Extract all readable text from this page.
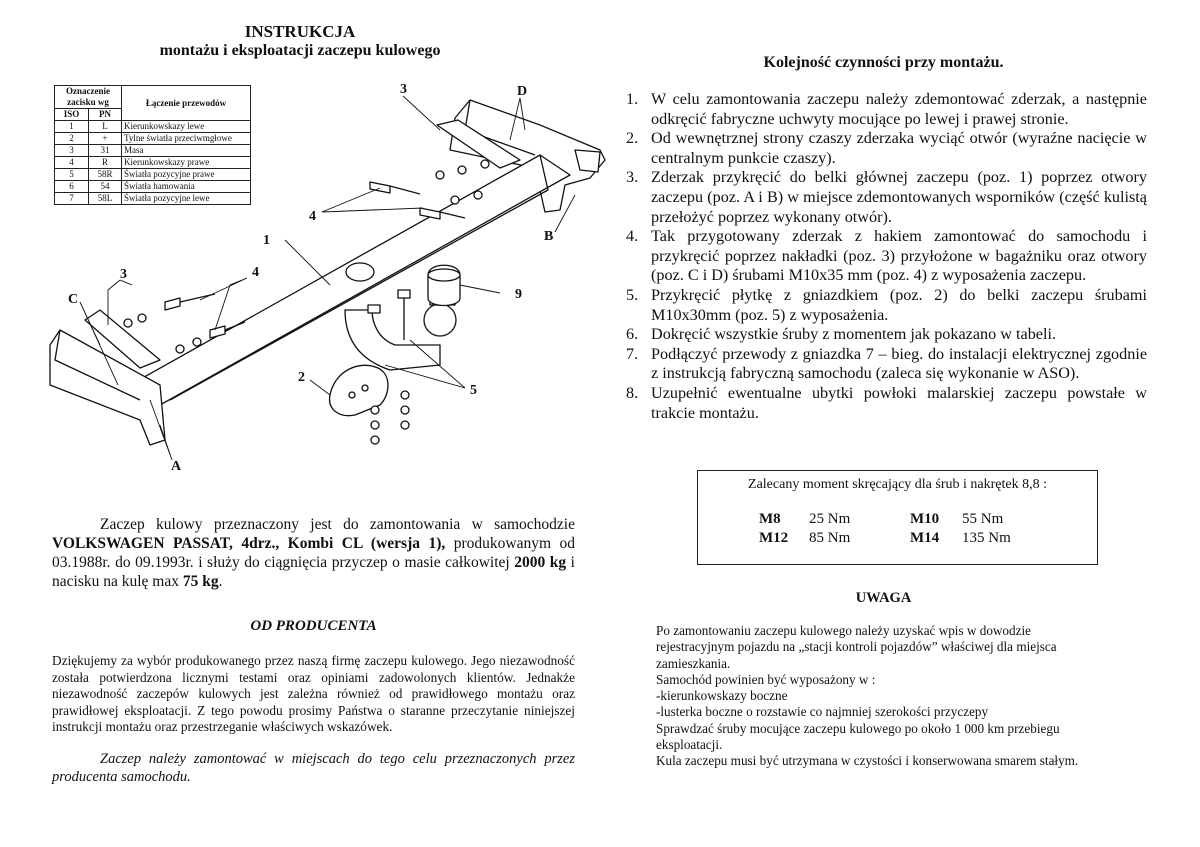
INSTRUKCJA
montażu i eksploatacji zaczepu kulowego
Oznaczenie zacisku wg		Łączenie przewodów
ISO	PN	
1	L	Kierunkowskazy lewe
2	+	Tylne światła przeciwmgłowe
3	31	Masa
4	R	Kierunkowskazy prawe
5	58R	Światła pozycyjne prawe
6	54	Światła hamowania
7	58L	Światła pozycyjne lewe
3	D
4
1	B
3	4
9
C
2
5
A
Zaczep kulowy przeznaczony jest do zamontowania w samochodzie VOLKSWAGEN PASSAT, 4drz., Kombi CL (wersja 1), produkowanym od 03.1988r. do 09.1993r. i służy do ciągnięcia przyczep o masie całkowitej 2000 kg i nacisku na kulę max 75 kg.
OD PRODUCENTA
Dziękujemy za wybór produkowanego przez naszą firmę zaczepu kulowego. Jego niezawodność została potwierdzona licznymi testami oraz opiniami zadowolonych klientów. Jednakże niezawodność zaczepów kulowych jest zależna również od prawidłowego montażu oraz prawidłowej eksploatacji. Z tego powodu prosimy Państwa o staranne przeczytanie niniejszej instrukcji montażu oraz przestrzeganie właściwych wskazówek.
Zaczep należy zamontować w miejscach do tego celu przeznaczonych przez producenta samochodu.
Kolejność czynności przy montażu.
1. W celu zamontowania zaczepu należy zdemontować zderzak, a następnie odkręcić fabryczne uchwyty mocujące po lewej i prawej stronie.
2. Od wewnętrznej strony czaszy zderzaka wyciąć otwór (wyraźne nacięcie w centralnym punkcie czaszy).
3. Zderzak przykręcić do belki głównej zaczepu (poz. 1) poprzez otwory zaczepu (poz. A i B) w miejsce zdemontowanych wsporników (część kulistą przełożyć poprzez wykonany otwór).
4. Tak przygotowany zderzak z hakiem zamontować do samochodu i przykręcić poprzez nakładki (poz. 3) przyłożone w bagażniku oraz otwory (poz. C i D) śrubami M10x35 mm (poz. 4) z wyposażenia zaczepu.
5. Przykręcić płytkę z gniazdkiem (poz. 2) do belki zaczepu śrubami M10x30mm (poz. 5) z wyposażenia.
6. Dokręcić wszystkie śruby z momentem jak pokazano w tabeli.
7. Podłączyć przewody z gniazdka 7 – bieg. do instalacji elektrycznej zgodnie z instrukcją fabryczną samochodu (zaleca się wykonanie w ASO).
8. Uzupełnić ewentualne ubytki powłoki malarskiej zaczepu powstałe w trakcie montażu.
Zalecany moment skręcający dla śrub i nakrętek 8,8 :
M8 25 Nm	M10 55 Nm
M12 85 Nm	M14 135 Nm
UWAGA
Po zamontowaniu zaczepu kulowego należy uzyskać wpis w dowodzie
rejestracyjnym pojazdu na „stacji kontroli pojazdów” właściwej dla miejsca
zamieszkania.
Samochód powinien być wyposażony w :
-kierunkowskazy boczne
-lusterka boczne o rozstawie co najmniej szerokości przyczepy
Sprawdzać śruby mocujące zaczepu kulowego po około 1 000 km przebiegu
eksploatacji.
Kula zaczepu musi być utrzymana w czystości i konserwowana smarem stałym.
